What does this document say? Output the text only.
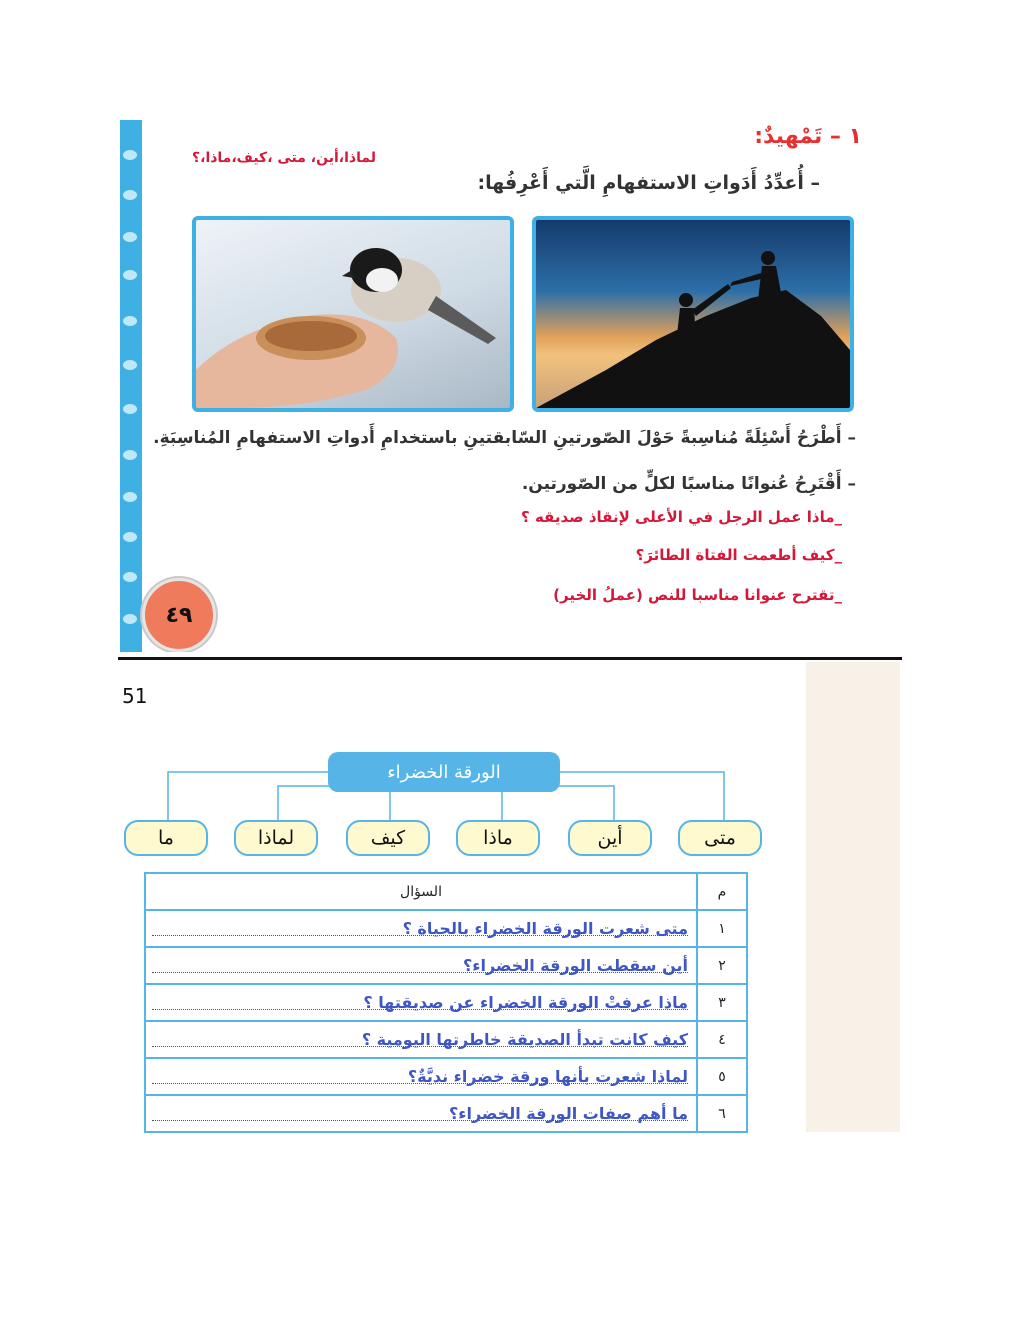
١ – تَمْهيدٌ:
لماذا،أين، متى ،كيف،ماذا،؟
– أُعدِّدُ أَدَواتِ الاستفهامِ الَّتي أَعْرِفُها:
– أَطْرَحُ أَسْئِلَةً مُناسِبةً حَوْلَ الصّورتينِ السّابقتينِ باستخدامِ أَدواتِ الاستفهامِ المُناسِبَةِ.
– أَقْتَرِحُ عُنوانًا مناسبًا لكلٍّ من الصّورتين.
_ماذا عمل الرجل في الأعلى لإنقاذ صديقه ؟
_كيف أطعمت الفتاة الطائرَ؟
_تقترح عنوانا مناسبا للنص (عملُ الخير)
٤٩
51
الورقة الخضراء
متى
أين
ماذا
كيف
لماذا
ما
السؤال	م

متى شعرت الورقة الخضراء بالحياة ؟	١

أين سقطت الورقة الخضراء؟	٢

ماذا عرفتْ الورقة الخضراء عن صديقتها ؟	٣

كيف كانت تبدأ الصديقة خاطرتها اليومية ؟	٤

لماذا شعرت بأنها ورقة خضراء نديَّةٌ؟	٥

ما أهم صفات الورقة الخضراء؟	٦
